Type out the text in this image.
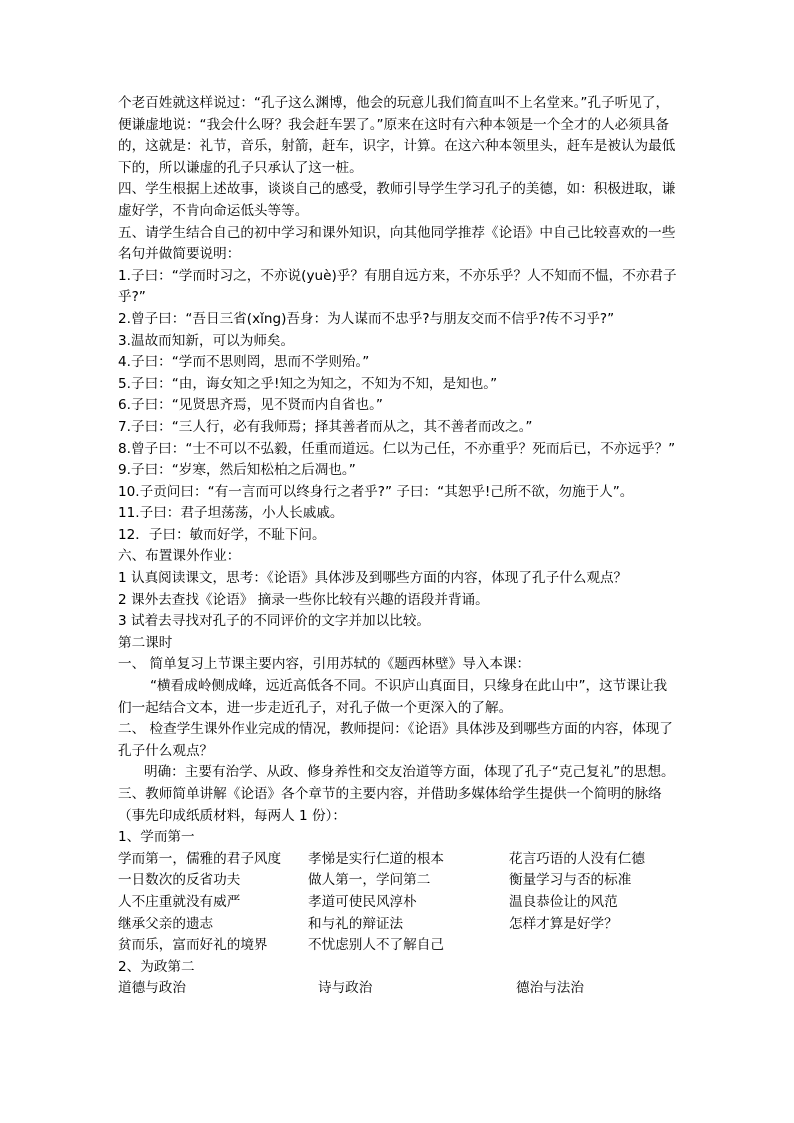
个老百姓就这样说过：“孔子这么渊博，他会的玩意儿我们简直叫不上名堂来。”孔子听见了，便谦虚地说：“我会什么呀？我会赶车罢了。”原来在这时有六种本领是一个全才的人必须具备的，这就是：礼节，音乐，射箭，赶车，识字，计算。在这六种本领里头，赶车是被认为最低下的，所以谦虚的孔子只承认了这一桩。

四、学生根据上述故事，谈谈自己的感受，教师引导学生学习孔子的美德，如：积极进取，谦虚好学，不肯向命运低头等等。

五、请学生结合自己的初中学习和课外知识，向其他同学推荐《论语》中自己比较喜欢的一些名句并做简要说明：

1.子曰：“学而时习之，不亦说(yuè)乎？有朋自远方来，不亦乐乎？人不知而不愠，不亦君子乎?”

2.曾子曰：“吾日三省(xǐng)吾身：为人谋而不忠乎?与朋友交而不信乎?传不习乎?”

3.温故而知新，可以为师矣。

4.子曰：“学而不思则罔，思而不学则殆。”

5.子曰：“由，诲女知之乎!知之为知之，不知为不知，是知也。”

6.子曰：“见贤思齐焉，见不贤而内自省也。”

7.子曰：“三人行，必有我师焉；择其善者而从之，其不善者而改之。”

8.曾子曰：“士不可以不弘毅，任重而道远。仁以为己任，不亦重乎？死而后已，不亦远乎？”

9.子曰：“岁寒，然后知松柏之后凋也。”

10.子贡问曰：“有一言而可以终身行之者乎?” 子曰：“其恕乎!己所不欲，勿施于人”。

11.子曰：君子坦荡荡，小人长戚戚。

12．子曰：敏而好学，不耻下问。

六、布置课外作业：

1 认真阅读课文，思考：《论语》具体涉及到哪些方面的内容，体现了孔子什么观点？

2 课外去查找《论语》 摘录一些你比较有兴趣的语段并背诵。

3 试着去寻找对孔子的不同评价的文字并加以比较。

第二课时

一、 简单复习上节课主要内容，引用苏轼的《题西林壁》导入本课：

“横看成岭侧成峰，远近高低各不同。不识庐山真面目，只缘身在此山中”，这节课让我们一起结合文本，进一步走近孔子，对孔子做一个更深入的了解。

二、 检查学生课外作业完成的情况，教师提问：《论语》具体涉及到哪些方面的内容，体现了孔子什么观点？

明确：主要有治学、从政、修身养性和交友治道等方面，体现了孔子“克己复礼”的思想。

三、教师简单讲解《论语》各个章节的主要内容，并借助多媒体给学生提供一个简明的脉络（事先印成纸质材料，每两人 1 份）：

1、学而第一

学而第一，儒雅的君子风度	孝悌是实行仁道的根本	花言巧语的人没有仁德
一日数次的反省功夫	做人第一，学问第二	衡量学习与否的标准
人不庄重就没有威严	孝道可使民风淳朴	温良恭俭让的风范
继承父亲的遗志	和与礼的辩证法	怎样才算是好学？
贫而乐，富而好礼的境界	不忧虑别人不了解自己

2、为政第二

道德与政治	诗与政治	德治与法治
